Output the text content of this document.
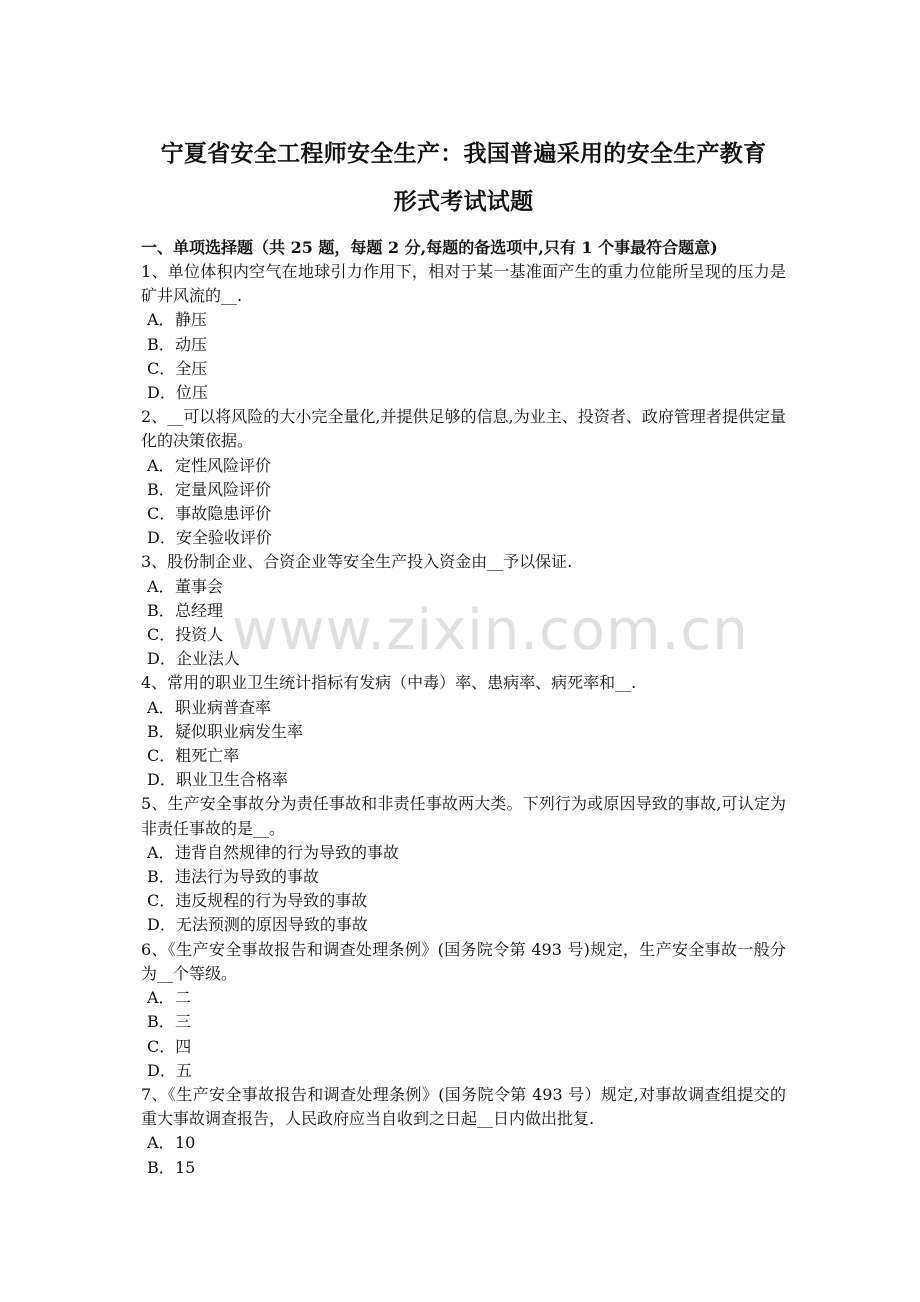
宁夏省安全工程师安全生产：我国普遍采用的安全生产教育
形式考试试题
一、单项选择题（共 25 题，每题 2 分,每题的备选项中,只有 1 个事最符合题意)

1、单位体积内空气在地球引力作用下，相对于某一基准面产生的重力位能所呈现的压力是矿井风流的__.

A．静压
B．动压
C．全压
D．位压

2、__可以将风险的大小完全量化,并提供足够的信息,为业主、投资者、政府管理者提供定量化的决策依据。

A．定性风险评价
B．定量风险评价
C．事故隐患评价
D．安全验收评价

3、股份制企业、合资企业等安全生产投入资金由__予以保证.

A．董事会
B．总经理
C．投资人
D．企业法人

4、常用的职业卫生统计指标有发病（中毒）率、患病率、病死率和__.

A．职业病普查率
B．疑似职业病发生率
C．粗死亡率
D．职业卫生合格率

5、生产安全事故分为责任事故和非责任事故两大类。下列行为或原因导致的事故,可认定为非责任事故的是__。

A．违背自然规律的行为导致的事故
B．违法行为导致的事故
C．违反规程的行为导致的事故
D．无法预测的原因导致的事故

6、《生产安全事故报告和调查处理条例》(国务院令第 493 号)规定，生产安全事故一般分为__个等级。

A．二
B．三
C．四
D．五

7、《生产安全事故报告和调查处理条例》(国务院令第 493 号）规定,对事故调查组提交的重大事故调查报告，人民政府应当自收到之日起__日内做出批复.

A．10
B．15
www.zixin.com.cn
